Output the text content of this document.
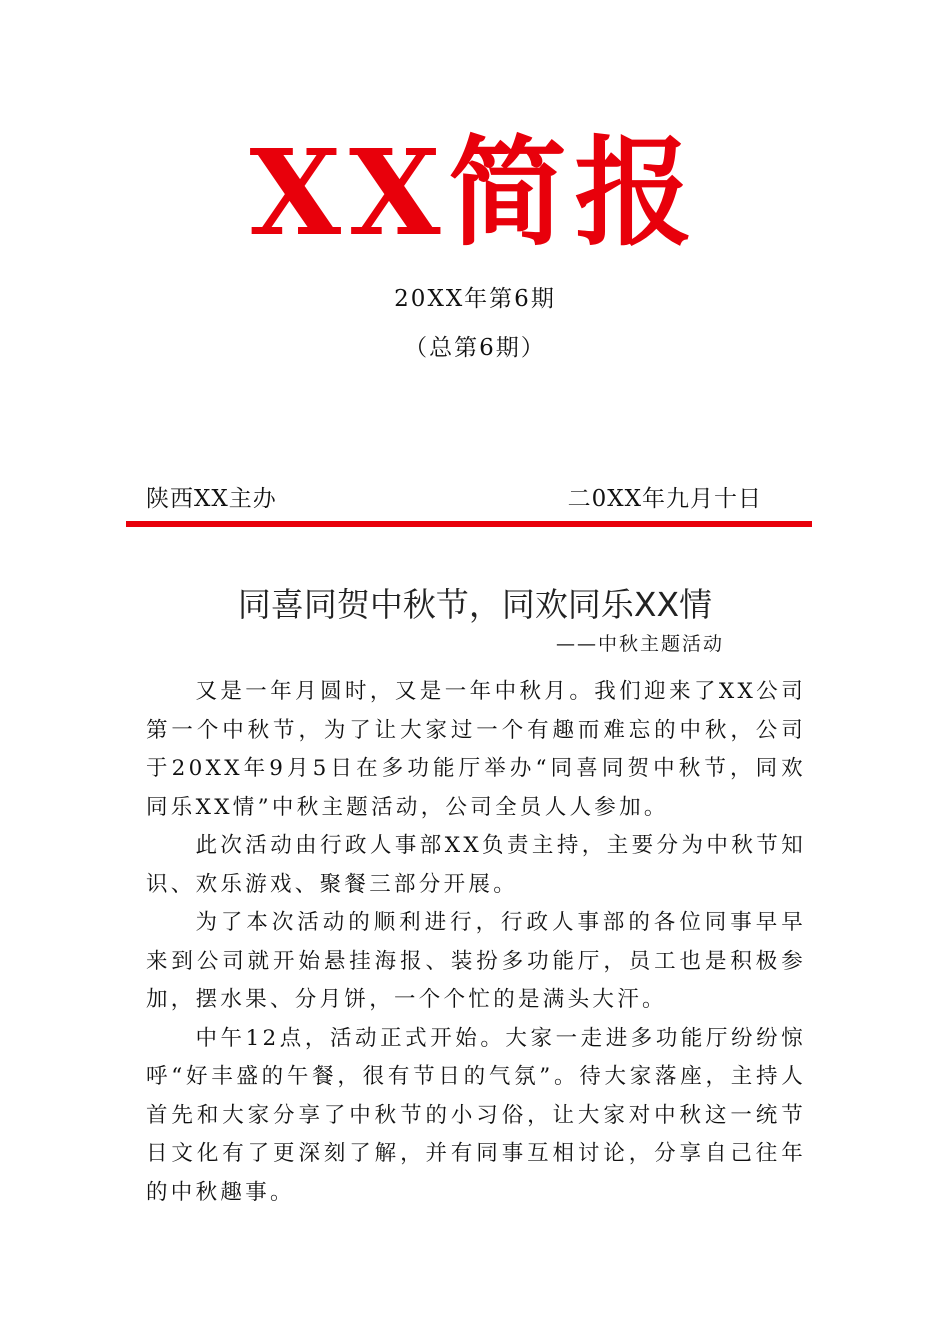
XX简报
20XX年第6期
（总第6期）
陕西XX主办	二0XX年九月十日
同喜同贺中秋节，同欢同乐XX情
——中秋主题活动

又是一年月圆时，又是一年中秋月。我们迎来了XX公司第一个中秋节，为了让大家过一个有趣而难忘的中秋，公司于20XX年9月5日在多功能厅举办“同喜同贺中秋节，同欢同乐XX情”中秋主题活动，公司全员人人参加。

此次活动由行政人事部XX负责主持，主要分为中秋节知识、欢乐游戏、聚餐三部分开展。

为了本次活动的顺利进行，行政人事部的各位同事早早来到公司就开始悬挂海报、装扮多功能厅，员工也是积极参加，摆水果、分月饼，一个个忙的是满头大汗。

中午12点，活动正式开始。大家一走进多功能厅纷纷惊呼“好丰盛的午餐，很有节日的气氛”。待大家落座，主持人首先和大家分享了中秋节的小习俗，让大家对中秋这一统节日文化有了更深刻了解，并有同事互相讨论，分享自己往年的中秋趣事。
